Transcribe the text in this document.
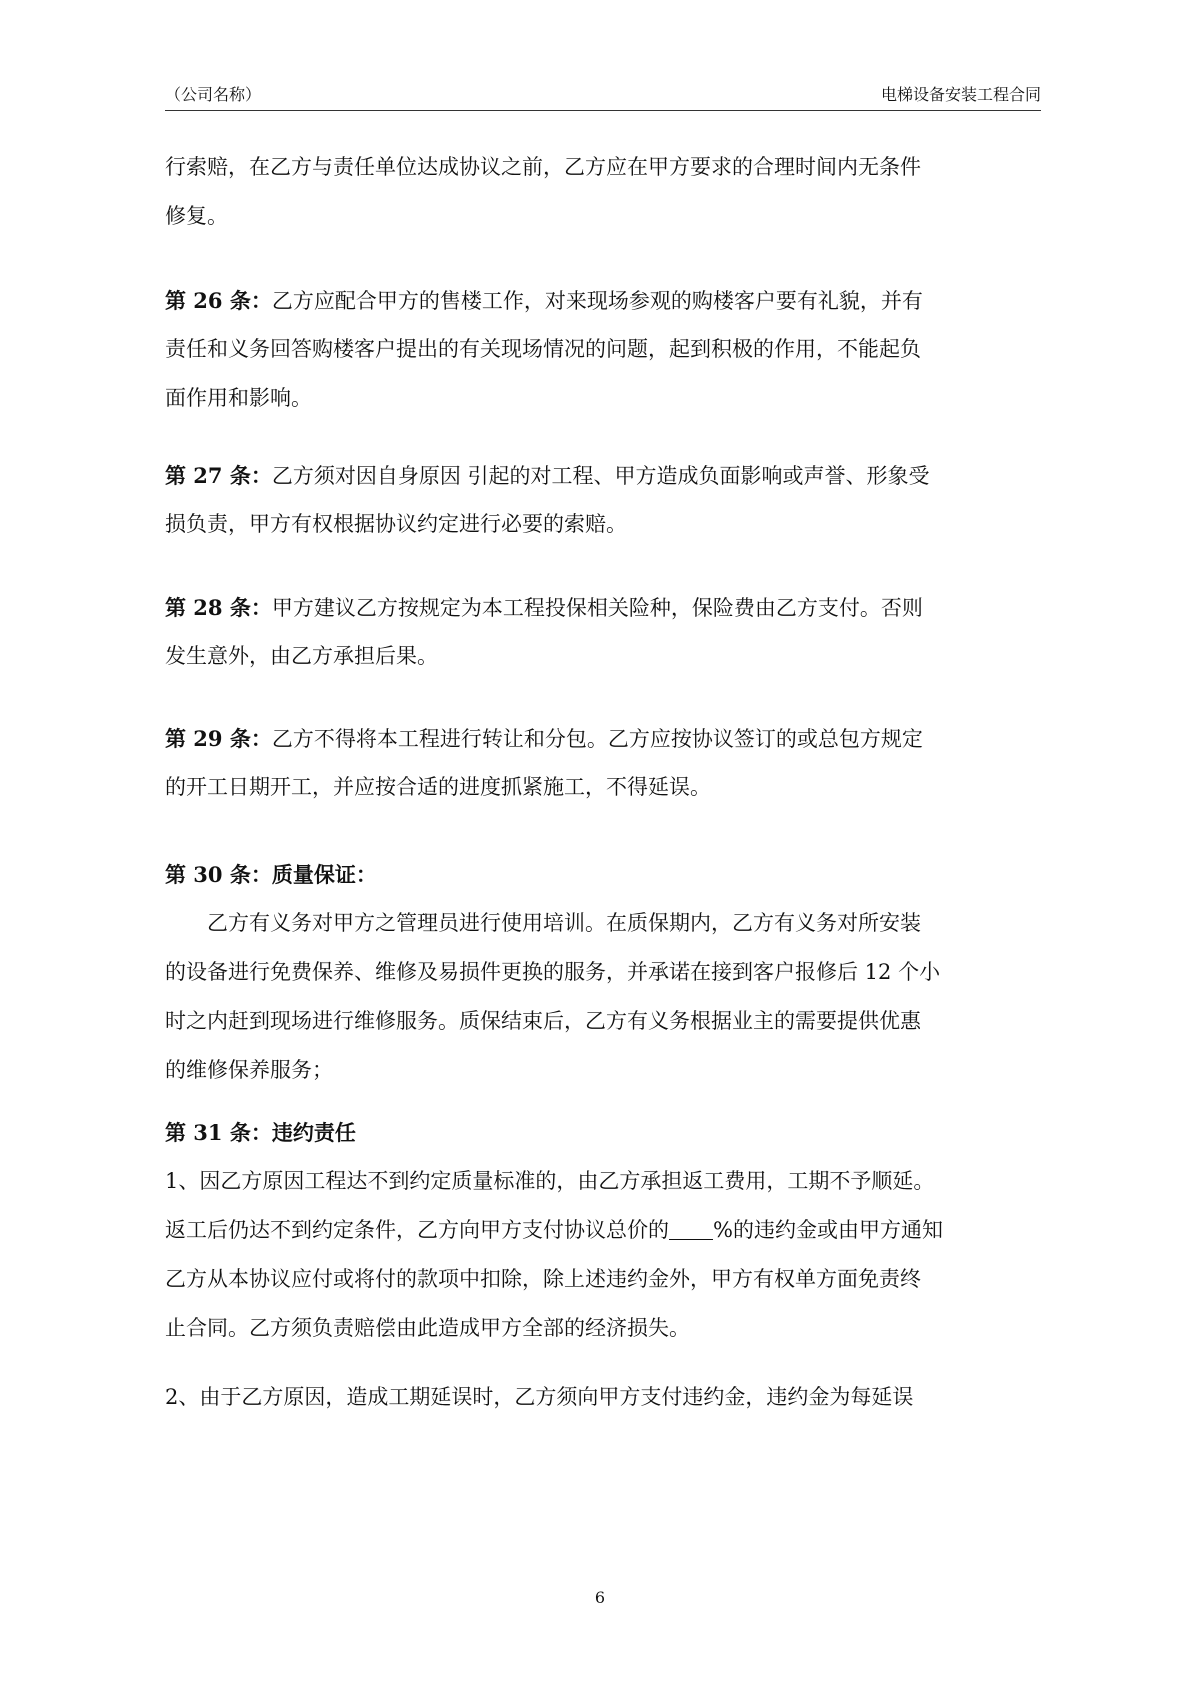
（公司名称）	电梯设备安装工程合同
行索赔，在乙方与责任单位达成协议之前，乙方应在甲方要求的合理时间内无条件
修复。
第 26 条：乙方应配合甲方的售楼工作，对来现场参观的购楼客户要有礼貌，并有
责任和义务回答购楼客户提出的有关现场情况的问题，起到积极的作用，不能起负
面作用和影响。
第 27 条：乙方须对因自身原因 引起的对工程、甲方造成负面影响或声誉、形象受
损负责，甲方有权根据协议约定进行必要的索赔。
第 28 条：甲方建议乙方按规定为本工程投保相关险种，保险费由乙方支付。否则
发生意外，由乙方承担后果。
第 29 条：乙方不得将本工程进行转让和分包。乙方应按协议签订的或总包方规定
的开工日期开工，并应按合适的进度抓紧施工，不得延误。
第 30 条：质量保证：
乙方有义务对甲方之管理员进行使用培训。在质保期内，乙方有义务对所安装
的设备进行免费保养、维修及易损件更换的服务，并承诺在接到客户报修后 12 个小
时之内赶到现场进行维修服务。质保结束后，乙方有义务根据业主的需要提供优惠
的维修保养服务；
第 31 条：违约责任
1、因乙方原因工程达不到约定质量标准的，由乙方承担返工费用，工期不予顺延。
返工后仍达不到约定条件，乙方向甲方支付协议总价的 %的违约金或由甲方通知
乙方从本协议应付或将付的款项中扣除，除上述违约金外，甲方有权单方面免责终
止合同。乙方须负责赔偿由此造成甲方全部的经济损失。
2、由于乙方原因，造成工期延误时，乙方须向甲方支付违约金，违约金为每延误
6
